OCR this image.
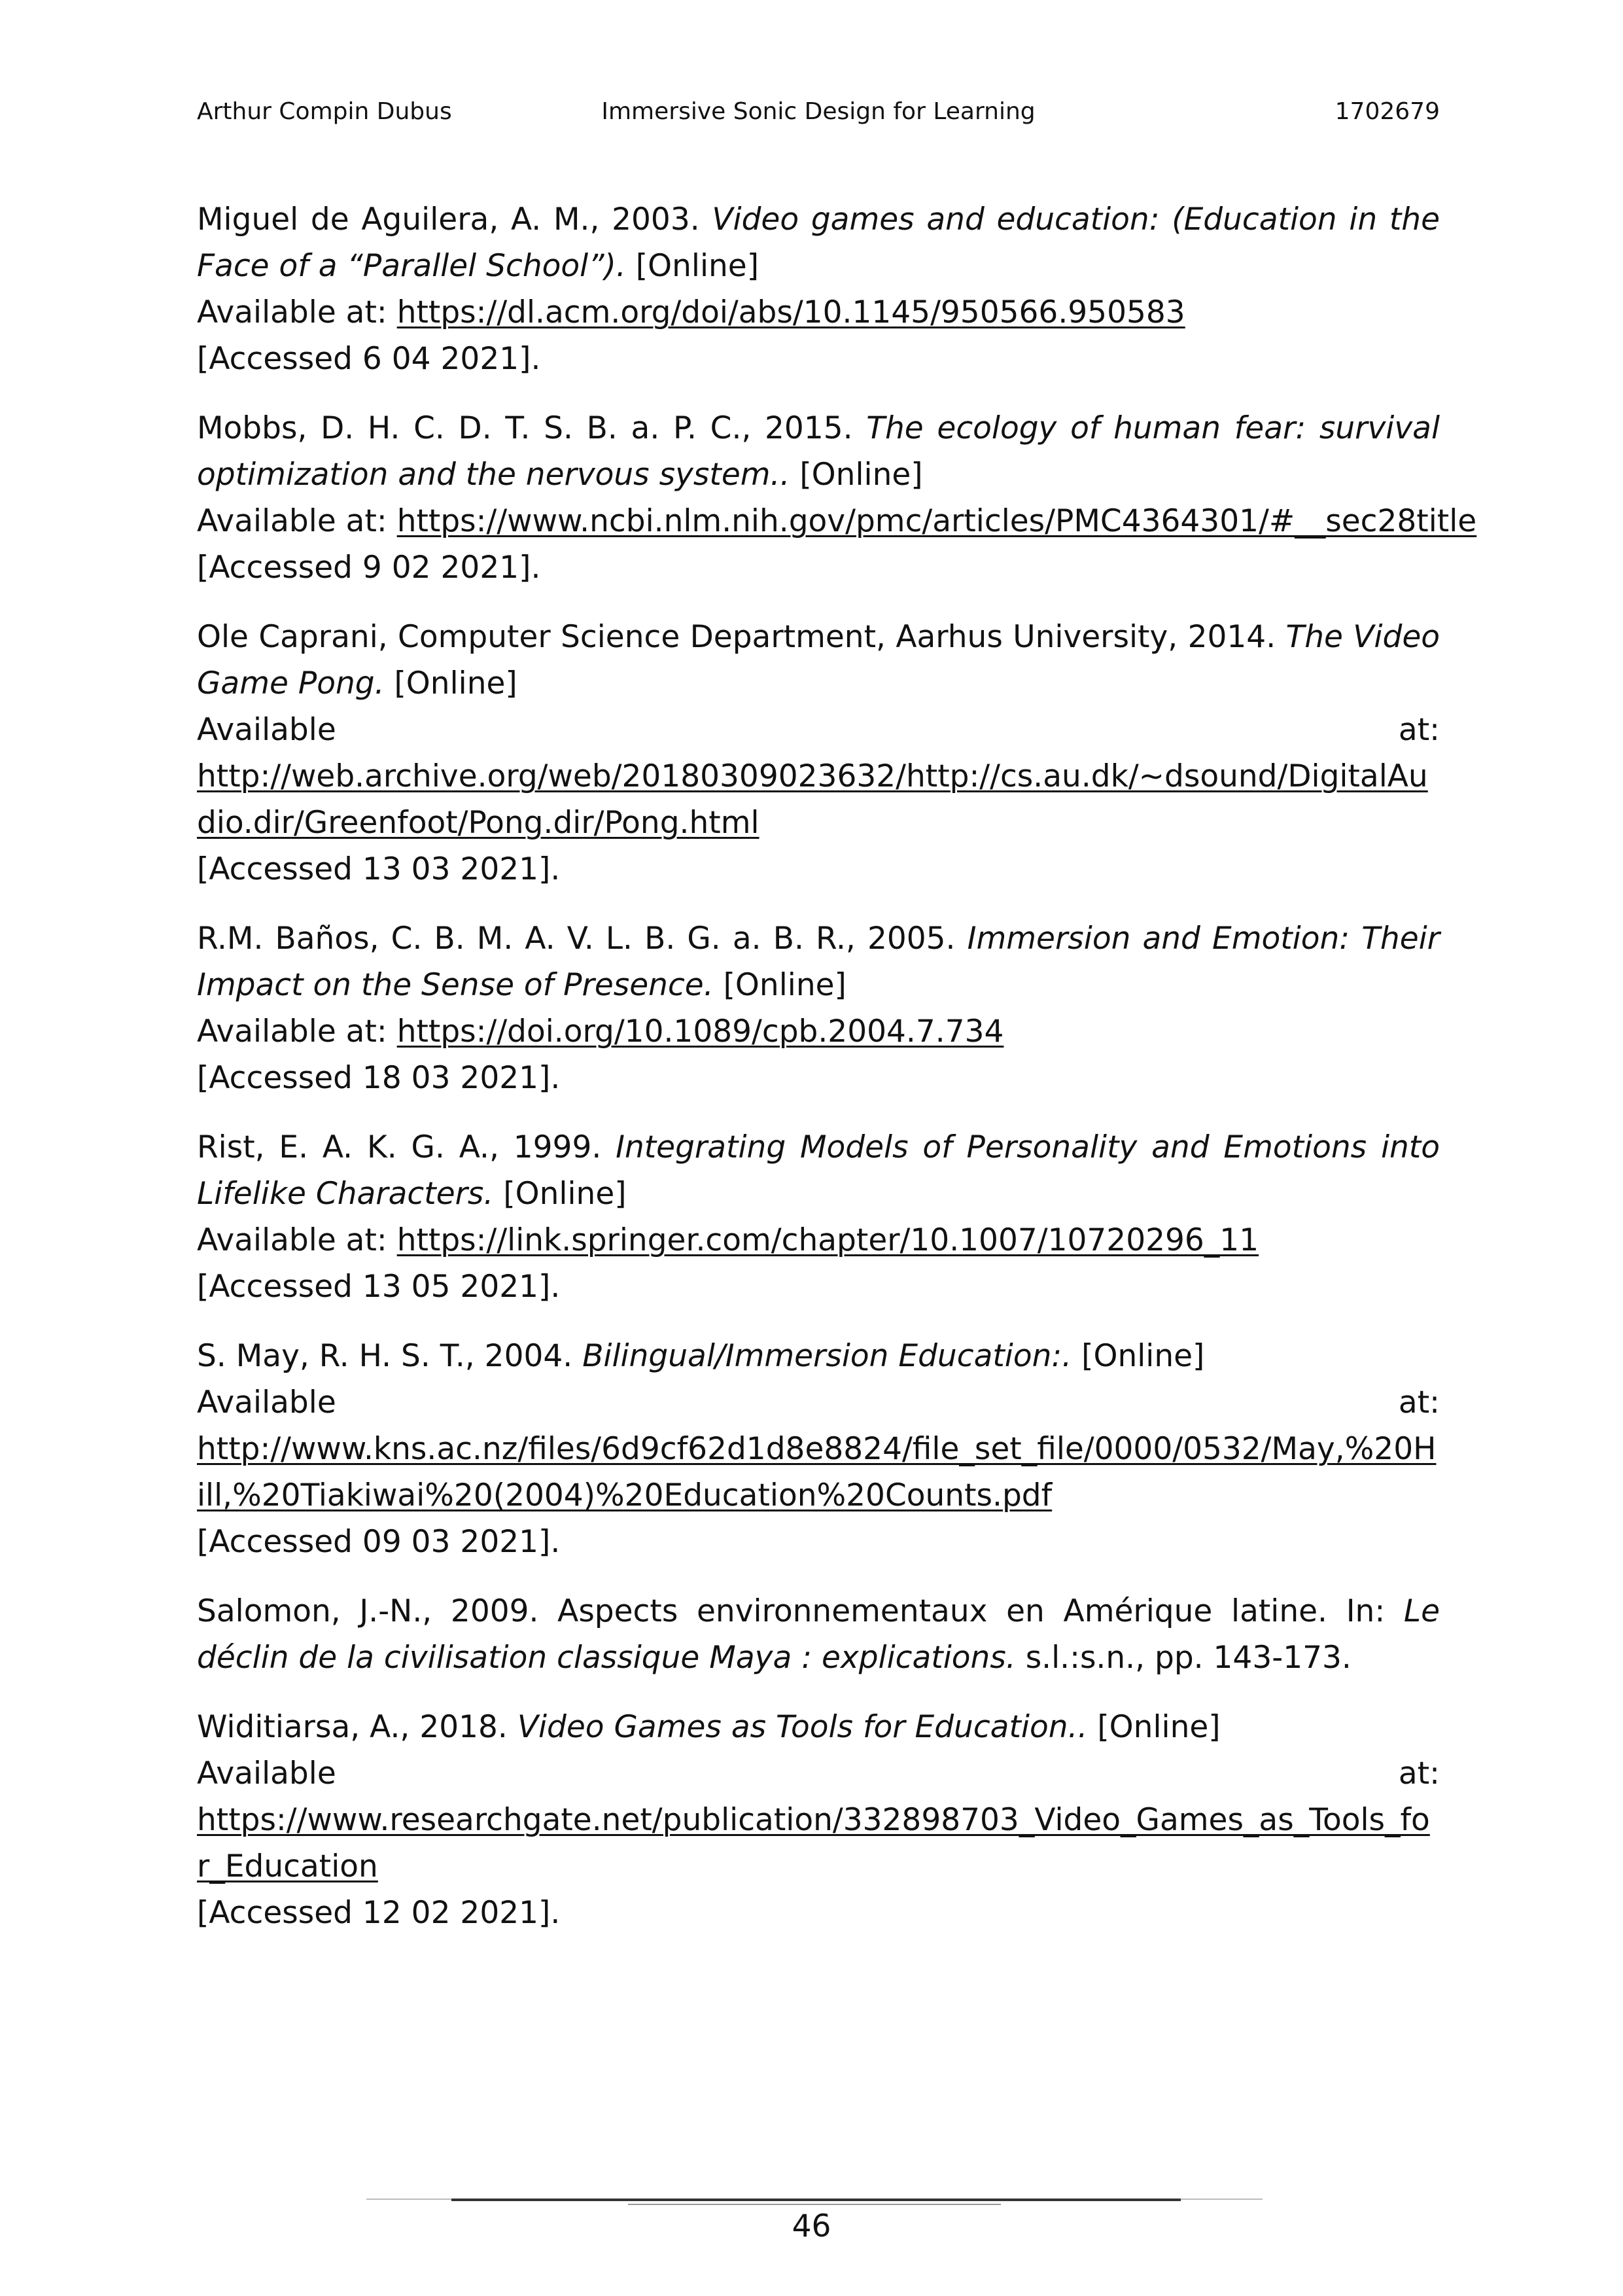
Arthur Compin Dubus	Immersive Sonic Design for Learning	1702679
Miguel de Aguilera, A. M., 2003. Video games and education: (Education in the Face of a “Parallel School”). [Online]
Available at: https://dl.acm.org/doi/abs/10.1145/950566.950583
[Accessed 6 04 2021].
Mobbs, D. H. C. D. T. S. B. a. P. C., 2015. The ecology of human fear: survival optimization and the nervous system.. [Online]
Available at: https://www.ncbi.nlm.nih.gov/pmc/articles/PMC4364301/#__sec28title
[Accessed 9 02 2021].
Ole Caprani, Computer Science Department, Aarhus University, 2014. The Video Game Pong. [Online]
Available	at:
http://web.archive.org/web/20180309023632/http://cs.au.dk/~dsound/DigitalAudio.dir/Greenfoot/Pong.dir/Pong.html
[Accessed 13 03 2021].
R.M. Baños, C. B. M. A. V. L. B. G. a. B. R., 2005. Immersion and Emotion: Their Impact on the Sense of Presence. [Online]
Available at: https://doi.org/10.1089/cpb.2004.7.734
[Accessed 18 03 2021].
Rist, E. A. K. G. A., 1999. Integrating Models of Personality and Emotions into Lifelike Characters. [Online]
Available at: https://link.springer.com/chapter/10.1007/10720296_11
[Accessed 13 05 2021].
S. May, R. H. S. T., 2004. Bilingual/Immersion Education:. [Online]
Available	at:
http://www.kns.ac.nz/files/6d9cf62d1d8e8824/file_set_file/0000/0532/May,%20Hill,%20Tiakiwai%20(2004)%20Education%20Counts.pdf
[Accessed 09 03 2021].
Salomon, J.-N., 2009. Aspects environnementaux en Amérique latine. In: Le déclin de la civilisation classique Maya : explications. s.l.:s.n., pp. 143-173.
Widitiarsa, A., 2018. Video Games as Tools for Education.. [Online]
Available	at:
https://www.researchgate.net/publication/332898703_Video_Games_as_Tools_for_Education
[Accessed 12 02 2021].
46
